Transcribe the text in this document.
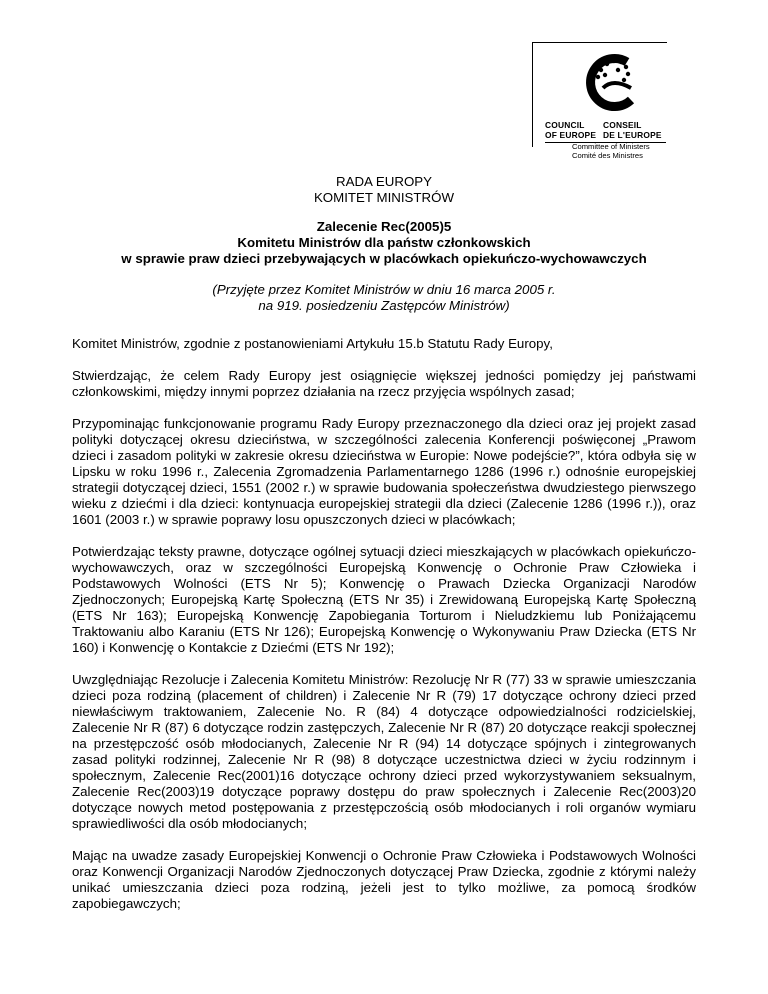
COUNCIL
OF EUROPE
CONSEIL
DE L'EUROPE
Committee of Ministers
Comité des Ministres
RADA EUROPY
KOMITET MINISTRÓW
Zalecenie Rec(2005)5
Komitetu Ministrów dla państw członkowskich
w sprawie praw dzieci przebywających w placówkach opiekuńczo-wychowawczych
(Przyjęte przez Komitet Ministrów w dniu 16 marca 2005 r.
na 919. posiedzeniu Zastępców Ministrów)

Komitet Ministrów, zgodnie z postanowieniami Artykułu 15.b Statutu Rady Europy,

Stwierdzając, że celem Rady Europy jest osiągnięcie większej jedności pomiędzy jej państwami członkowskimi, między innymi poprzez działania na rzecz przyjęcia wspólnych zasad;

Przypominając funkcjonowanie programu Rady Europy przeznaczonego dla dzieci oraz jej projekt zasad polityki dotyczącej okresu dzieciństwa, w szczególności zalecenia Konferencji poświęconej „Prawom dzieci i zasadom polityki w zakresie okresu dzieciństwa w Europie: Nowe podejście?”, która odbyła się w Lipsku w roku 1996 r., Zalecenia Zgromadzenia Parlamentarnego 1286 (1996 r.) odnośnie europejskiej strategii dotyczącej dzieci, 1551 (2002 r.) w sprawie budowania społeczeństwa dwudziestego pierwszego wieku z dziećmi i dla dzieci: kontynuacja europejskiej strategii dla dzieci (Zalecenie 1286 (1996 r.)), oraz 1601 (2003 r.) w sprawie poprawy losu opuszczonych dzieci w placówkach;

Potwierdzając teksty prawne, dotyczące ogólnej sytuacji dzieci mieszkających w placówkach opiekuńczo-wychowawczych, oraz w szczególności Europejską Konwencję o Ochronie Praw Człowieka i Podstawowych Wolności (ETS Nr 5); Konwencję o Prawach Dziecka Organizacji Narodów Zjednoczonych; Europejską Kartę Społeczną (ETS Nr 35) i Zrewidowaną Europejską Kartę Społeczną (ETS Nr 163); Europejską Konwencję Zapobiegania Torturom i Nieludzkiemu lub Poniżającemu Traktowaniu albo Karaniu (ETS Nr 126); Europejską Konwencję o Wykonywaniu Praw Dziecka (ETS Nr 160) i Konwencję o Kontakcie z Dziećmi (ETS Nr 192);

Uwzględniając Rezolucje i Zalecenia Komitetu Ministrów: Rezolucję Nr R (77) 33 w sprawie umieszczania dzieci poza rodziną (placement of children) i Zalecenie Nr R (79) 17 dotyczące ochrony dzieci przed niewłaściwym traktowaniem, Zalecenie No. R (84) 4 dotyczące odpowiedzialności rodzicielskiej, Zalecenie Nr R (87) 6 dotyczące rodzin zastępczych, Zalecenie Nr R (87) 20 dotyczące reakcji społecznej na przestępczość osób młodocianych, Zalecenie Nr R (94) 14 dotyczące spójnych i zintegrowanych zasad polityki rodzinnej, Zalecenie Nr R (98) 8 dotyczące uczestnictwa dzieci w życiu rodzinnym i społecznym, Zalecenie Rec(2001)16 dotyczące ochrony dzieci przed wykorzystywaniem seksualnym, Zalecenie Rec(2003)19 dotyczące poprawy dostępu do praw społecznych i Zalecenie Rec(2003)20 dotyczące nowych metod postępowania z przestępczością osób młodocianych i roli organów wymiaru sprawiedliwości dla osób młodocianych;

Mając na uwadze zasady Europejskiej Konwencji o Ochronie Praw Człowieka i Podstawowych Wolności oraz Konwencji Organizacji Narodów Zjednoczonych dotyczącej Praw Dziecka, zgodnie z którymi należy unikać umieszczania dzieci poza rodziną, jeżeli jest to tylko możliwe, za pomocą środków zapobiegawczych;
